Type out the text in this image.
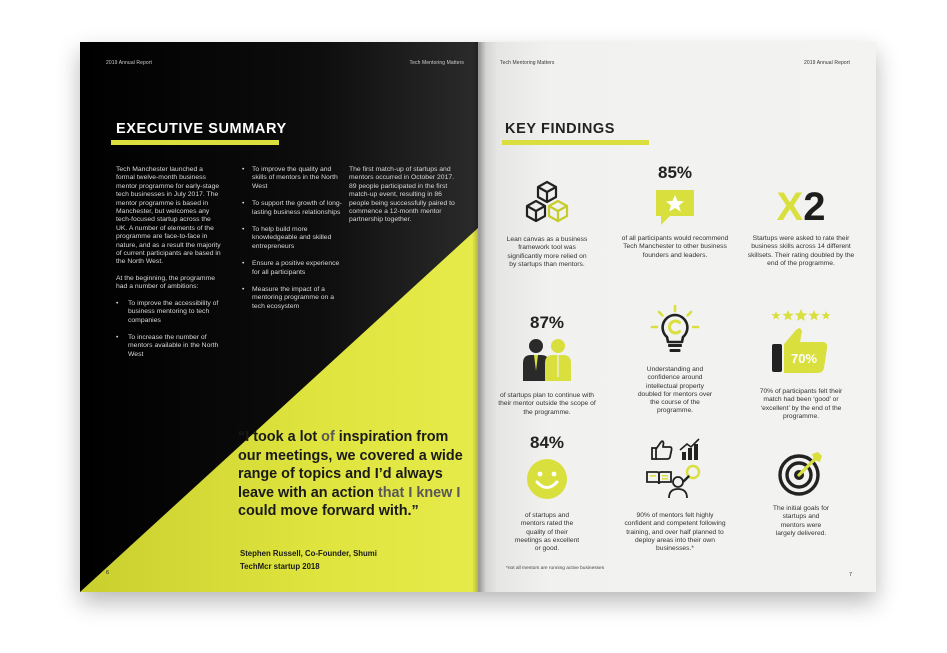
2019 Annual Report	Tech Mentoring Matters
EXECUTIVE SUMMARY

Tech Manchester launched a formal twelve-month business mentor programme for early-stage tech businesses in July 2017. The mentor programme is based in Manchester, but welcomes any tech-focused startup across the UK. A number of elements of the programme are face-to-face in nature, and as a result the majority of current participants are based in the North West.

At the beginning, the programme had a number of ambitions:

• To improve the accessibility of business mentoring to tech companies
• To increase the number of mentors available in the North West
• To improve the quality and skills of mentors in the North West
• To support the growth of long-lasting business relationships
• To help build more knowledgeable and skilled entrepreneurs
• Ensure a positive experience for all participants
• Measure the impact of a mentoring programme on a tech ecosystem

The first match-up of startups and mentors occurred in October 2017. 89 people participated in the first match-up event, resulting in 86 people being successfully paired to commence a 12-month mentor partnership together.

“I took a lot of inspiration from our meetings, we covered a wide range of topics and I’d always leave with an action that I knew I could move forward with.”
Stephen Russell, Co-Founder, Shumi
TechMcr startup 2018
6
Tech Mentoring Matters	2019 Annual Report
KEY FINDINGS
Lean canvas as a business framework tool was significantly more relied on by startups than mentors.
85%
of all participants would recommend Tech Manchester to other business founders and leaders.
X2
Startups were asked to rate their business skills across 14 different skillsets. Their rating doubled by the end of the programme.
87%
of startups plan to continue with their mentor outside the scope of the programme.
Understanding and confidence around intellectual property doubled for mentors over the course of the programme.
70%
70% of participants felt their match had been ‘good’ or ‘excellent’ by the end of the programme.
84%
of startups and mentors rated the quality of their meetings as excellent or good.
90% of mentors felt highly confident and competent following training, and over half planned to deploy areas into their own businesses.*
The initial goals for startups and mentors were largely delivered.
*not all mentors are running active businesses
7
